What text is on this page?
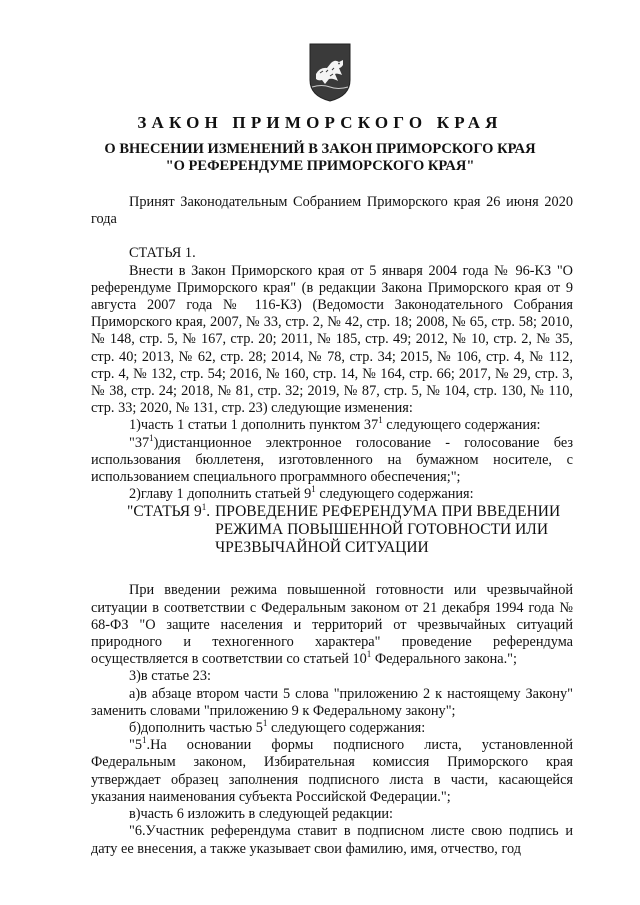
ЗАКОН ПРИМОРСКОГО КРАЯ
О ВНЕСЕНИИ ИЗМЕНЕНИЙ В ЗАКОН ПРИМОРСКОГО КРАЯ
"О РЕФЕРЕНДУМЕ ПРИМОРСКОГО КРАЯ"

Принят Законодательным Собранием Приморского края 26 июня 2020 года

СТАТЬЯ 1.

Внести в Закон Приморского края от 5 января 2004 года № 96-КЗ "О референдуме Приморского края" (в редакции Закона Приморского края от 9 августа 2007 года № 116-КЗ) (Ведомости Законодательного Собрания Приморского края, 2007, № 33, стр. 2, № 42, стр. 18; 2008, № 65, стр. 58; 2010, № 148, стр. 5, № 167, стр. 20; 2011, № 185, стр. 49; 2012, № 10, стр. 2, № 35, стр. 40; 2013, № 62, стр. 28; 2014, № 78, стр. 34; 2015, № 106, стр. 4, № 112, стр. 4, № 132, стр. 54; 2016, № 160, стр. 14, № 164, стр. 66; 2017, № 29, стр. 3, № 38, стр. 24; 2018, № 81, стр. 32; 2019, № 87, стр. 5, № 104, стр. 130, № 110, стр. 33; 2020, № 131, стр. 23) следующие изменения:

1)часть 1 статьи 1 дополнить пунктом $37^1$ следующего содержания:

"$37^1)дистанционное$ электронное голосование - голосование без использования бюллетеня, изготовленного на бумажном носителе, с использованием специального программного обеспечения;";

2)главу 1 дополнить статьей $9^1$ следующего содержания:

"СТАТЬЯ $9^1$. ПРОВЕДЕНИЕ РЕФЕРЕНДУМА ПРИ ВВЕДЕНИИ РЕЖИМА ПОВЫШЕННОЙ ГОТОВНОСТИ ИЛИ ЧРЕЗВЫЧАЙНОЙ СИТУАЦИИ

При введении режима повышенной готовности или чрезвычайной ситуации в соответствии с Федеральным законом от 21 декабря 1994 года № 68-ФЗ "О защите населения и территорий от чрезвычайных ситуаций природного и техногенного характера" проведение референдума осуществляется в соответствии со статьей $10^1$ Федерального закона.";

3)в статье 23:

а)в абзаце втором части 5 слова "приложению 2 к настоящему Закону" заменить словами "приложению 9 к Федеральному закону";

б)дополнить частью $5^1$ следующего содержания:

"$5^1.На$ основании формы подписного листа, установленной Федеральным законом, Избирательная комиссия Приморского края утверждает образец заполнения подписного листа в части, касающейся указания наименования субъекта Российской Федерации.";

в)часть 6 изложить в следующей редакции:

"6.Участник референдума ставит в подписном листе свою подпись и дату ее внесения, а также указывает свои фамилию, имя, отчество, год
